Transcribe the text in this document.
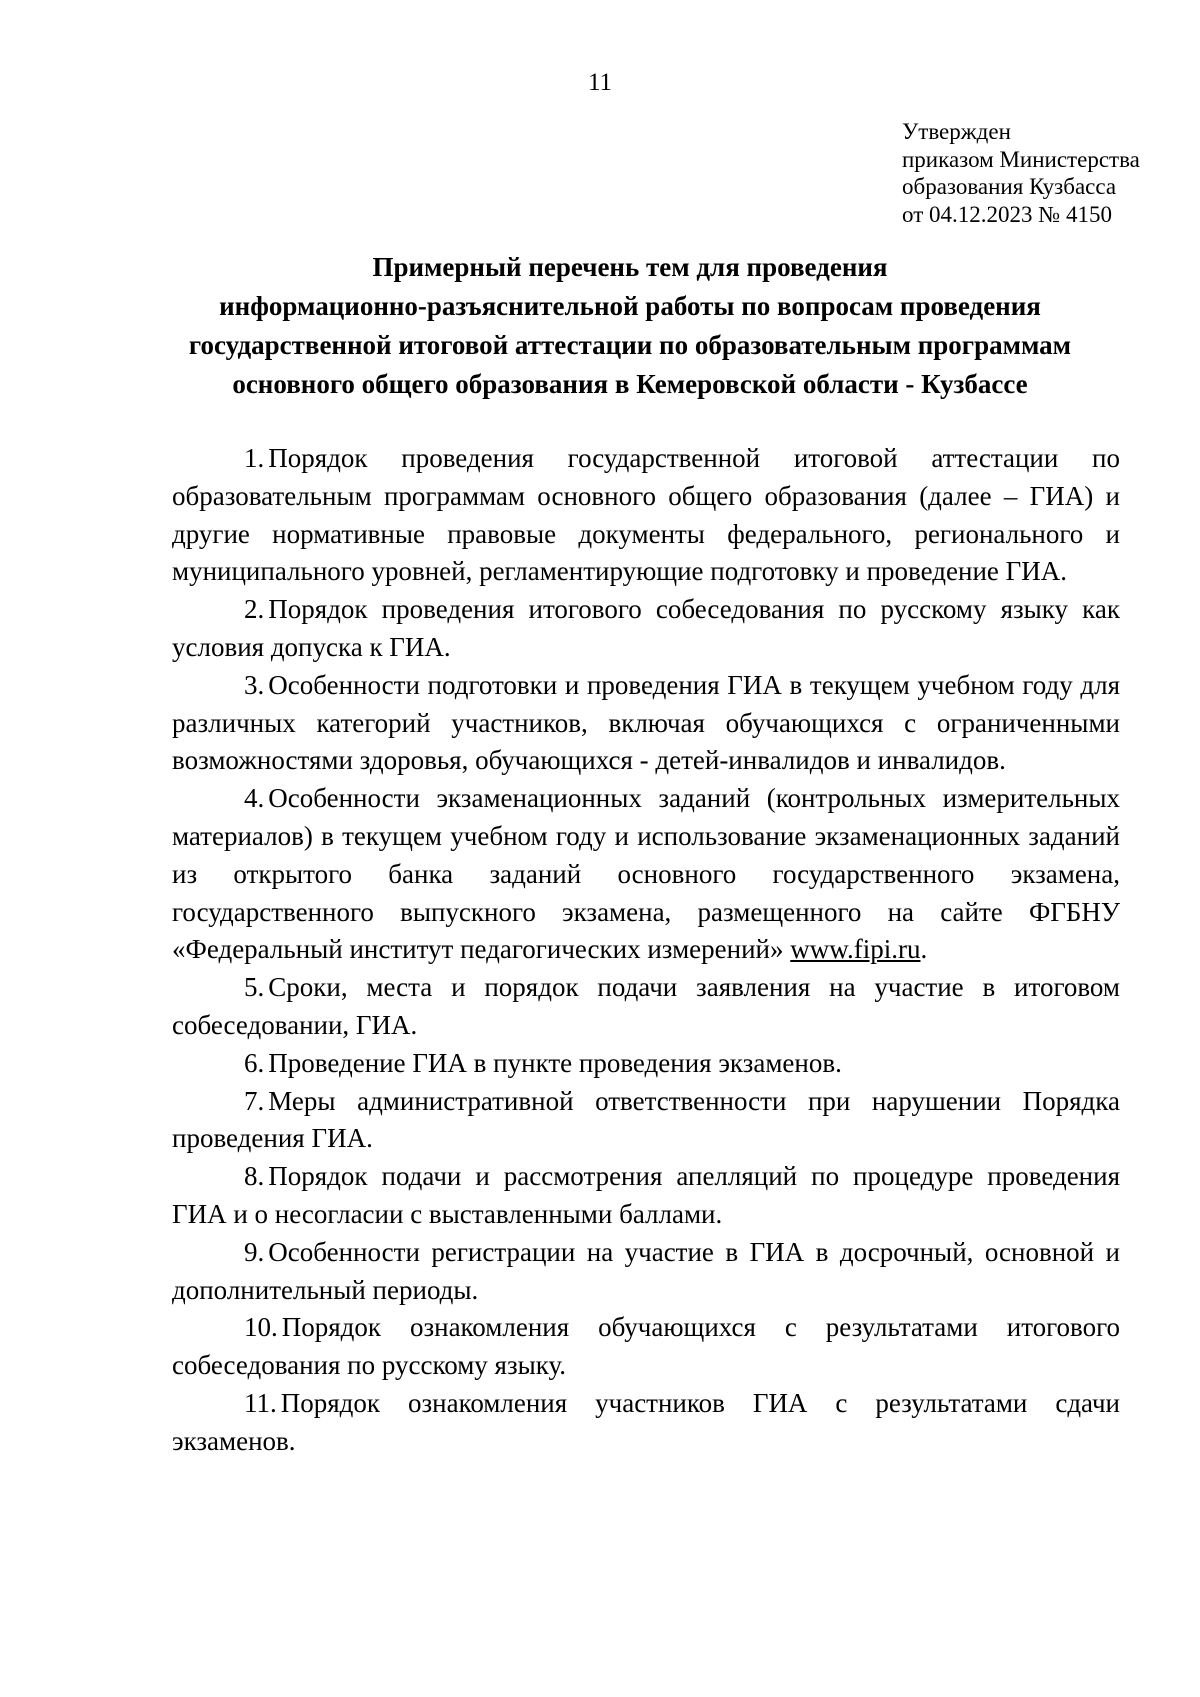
11
Утвержден
приказом Министерства
образования Кузбасса
от 04.12.2023 № 4150
Примерный перечень тем для проведения
информационно-разъяснительной работы по вопросам проведения
государственной итоговой аттестации по образовательным программам
основного общего образования в Кемеровской области - Кузбассе

1. Порядок проведения государственной итоговой аттестации по образовательным программам основного общего образования (далее – ГИА) и другие нормативные правовые документы федерального, регионального и муниципального уровней, регламентирующие подготовку и проведение ГИА.

2. Порядок проведения итогового собеседования по русскому языку как условия допуска к ГИА.

3. Особенности подготовки и проведения ГИА в текущем учебном году для различных категорий участников, включая обучающихся с ограниченными возможностями здоровья, обучающихся - детей-инвалидов и инвалидов.

4. Особенности экзаменационных заданий (контрольных измерительных материалов) в текущем учебном году и использование экзаменационных заданий из открытого банка заданий основного государственного экзамена, государственного выпускного экзамена, размещенного на сайте ФГБНУ «Федеральный институт педагогических измерений» www.fipi.ru.

5. Сроки, места и порядок подачи заявления на участие в итоговом собеседовании, ГИА.

6. Проведение ГИА в пункте проведения экзаменов.

7. Меры административной ответственности при нарушении Порядка проведения ГИА.

8. Порядок подачи и рассмотрения апелляций по процедуре проведения ГИА и о несогласии с выставленными баллами.

9. Особенности регистрации на участие в ГИА в досрочный, основной и дополнительный периоды.

10. Порядок ознакомления обучающихся с результатами итогового собеседования по русскому языку.

11. Порядок ознакомления участников ГИА с результатами сдачи экзаменов.
